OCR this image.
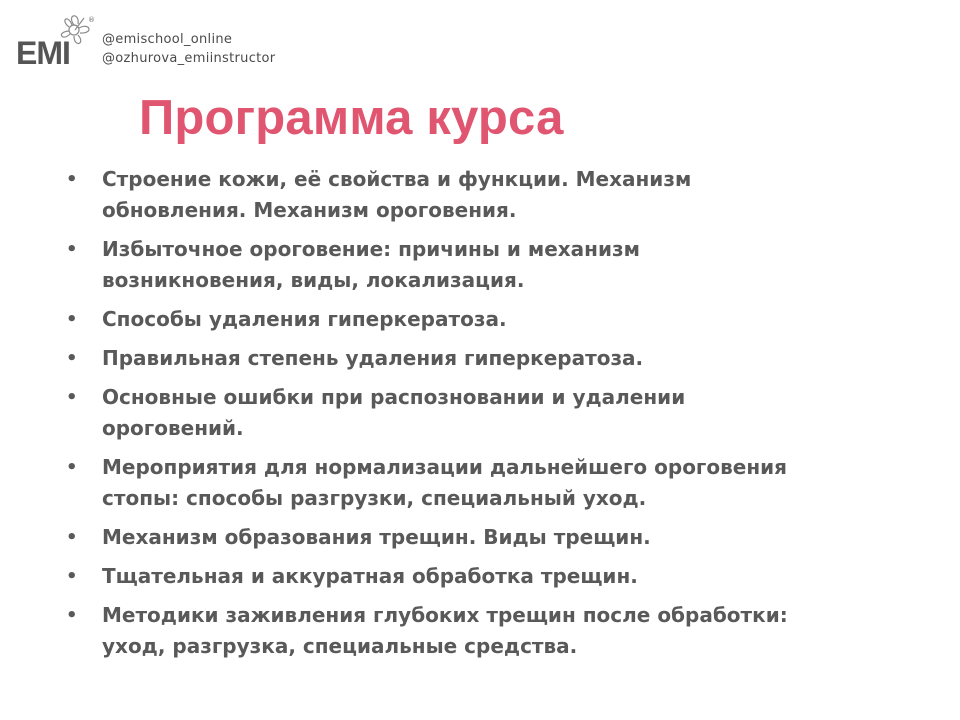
®
EMI @emischool_online
@ozhurova_emiinstructor
Программа курса
• Строение кожи, её свойства и функции. Механизм обновления. Механизм ороговения.
• Избыточное ороговение: причины и механизм возникновения, виды, локализация.
• Способы удаления гиперкератоза.
• Правильная степень удаления гиперкератоза.
• Основные ошибки при распозновании и удалении ороговений.
• Мероприятия для нормализации дальнейшего ороговения стопы: способы разгрузки, специальный уход.
• Механизм образования трещин. Виды трещин.
• Тщательная и аккуратная обработка трещин.
• Методики заживления глубоких трещин после обработки: уход, разгрузка, специальные средства.
